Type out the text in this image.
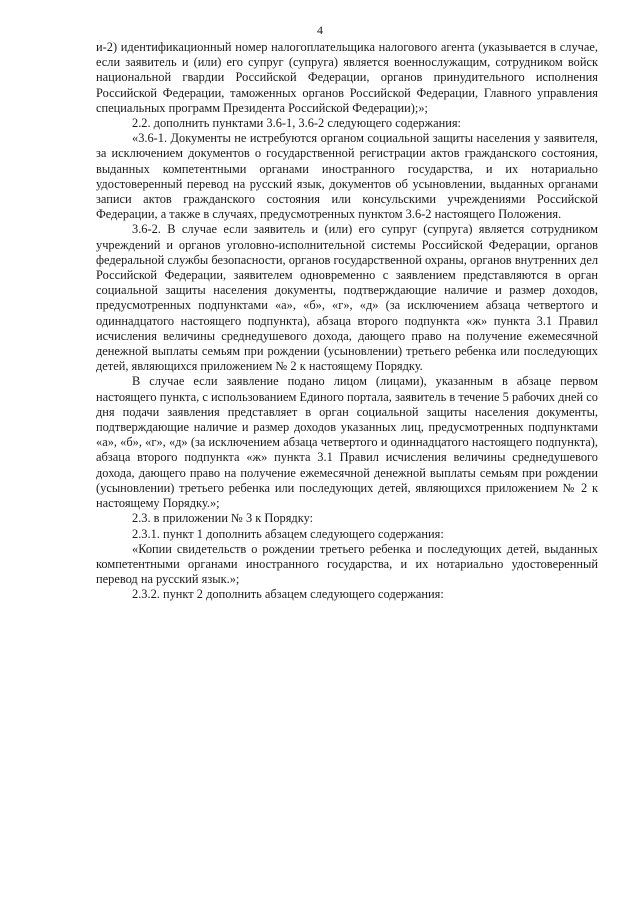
4

и-2) идентификационный номер налогоплательщика налогового агента (указывается в случае, если заявитель и (или) его супруг (супруга) является военнослужащим, сотрудником войск национальной гвардии Российской Федерации, органов принудительного исполнения Российской Федерации, таможенных органов Российской Федерации, Главного управления специальных программ Президента Российской Федерации);»;

2.2. дополнить пунктами 3.6-1, 3.6-2 следующего содержания:

«3.6-1. Документы не истребуются органом социальной защиты населения у заявителя, за исключением документов о государственной регистрации актов гражданского состояния, выданных компетентными органами иностранного государства, и их нотариально удостоверенный перевод на русский язык, документов об усыновлении, выданных органами записи актов гражданского состояния или консульскими учреждениями Российской Федерации, а также в случаях, предусмотренных пунктом 3.6-2 настоящего Положения.

3.6-2. В случае если заявитель и (или) его супруг (супруга) является сотрудником учреждений и органов уголовно-исполнительной системы Российской Федерации, органов федеральной службы безопасности, органов государственной охраны, органов внутренних дел Российской Федерации, заявителем одновременно с заявлением представляются в орган социальной защиты населения документы, подтверждающие наличие и размер доходов, предусмотренных подпунктами «а», «б», «г», «д» (за исключением абзаца четвертого и одиннадцатого настоящего подпункта), абзаца второго подпункта «ж» пункта 3.1 Правил исчисления величины среднедушевого дохода, дающего право на получение ежемесячной денежной выплаты семьям при рождении (усыновлении) третьего ребенка или последующих детей, являющихся приложением № 2 к настоящему Порядку.

В случае если заявление подано лицом (лицами), указанным в абзаце первом настоящего пункта, с использованием Единого портала, заявитель в течение 5 рабочих дней со дня подачи заявления представляет в орган социальной защиты населения документы, подтверждающие наличие и размер доходов указанных лиц, предусмотренных подпунктами «а», «б», «г», «д» (за исключением абзаца четвертого и одиннадцатого настоящего подпункта), абзаца второго подпункта «ж» пункта 3.1 Правил исчисления величины среднедушевого дохода, дающего право на получение ежемесячной денежной выплаты семьям при рождении (усыновлении) третьего ребенка или последующих детей, являющихся приложением № 2 к настоящему Порядку.»;

2.3. в приложении № 3 к Порядку:

2.3.1. пункт 1 дополнить абзацем следующего содержания:

«Копии свидетельств о рождении третьего ребенка и последующих детей, выданных компетентными органами иностранного государства, и их нотариально удостоверенный перевод на русский язык.»;

2.3.2. пункт 2 дополнить абзацем следующего содержания:
